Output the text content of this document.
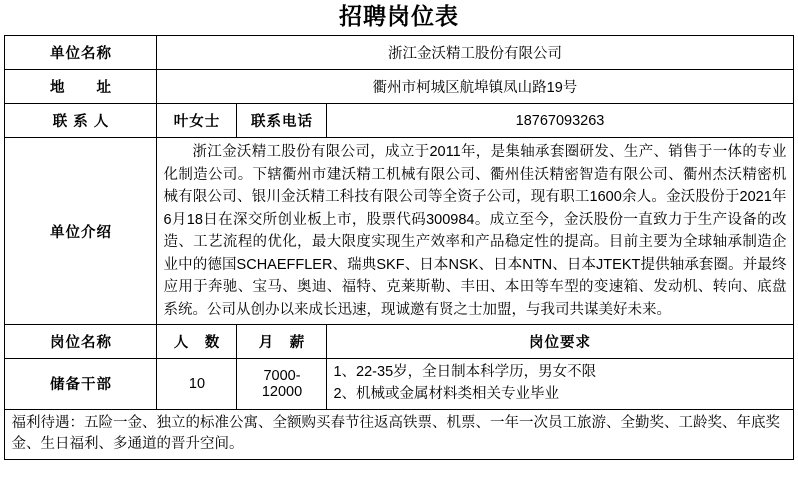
招聘岗位表
单位名称	浙江金沃精工股份有限公司		
地　　址	衢州市柯城区航埠镇凤山路19号		
联 系 人	叶女士	联系电话	18767093263
单位介绍	浙江金沃精工股份有限公司，成立于2011年，是集轴承套圈研发、生产、销售于一体的专业化制造公司。下辖衢州市建沃精工机械有限公司、衢州佳沃精密智造有限公司、衢州杰沃精密机械有限公司、银川金沃精工科技有限公司等全资子公司，现有职工1600余人。金沃股份于2021年6月18日在深交所创业板上市，股票代码300984。成立至今，金沃股份一直致力于生产设备的改造、工艺流程的优化，最大限度实现生产效率和产品稳定性的提高。目前主要为全球轴承制造企业中的德国SCHAEFFLER、瑞典SKF、日本NSK、日本NTN、日本JTEKT提供轴承套圈。并最终应用于奔驰、宝马、奥迪、福特、克莱斯勒、丰田、本田等车型的变速箱、发动机、转向、底盘系统。公司从创办以来成长迅速，现诚邀有贤之士加盟，与我司共谋美好未来。		
岗位名称	人　数	月　薪	岗位要求
储备干部	10	7000-12000	1、22-35岁，全日制本科学历，男女不限
2、机械或金属材料类相关专业毕业

福利待遇：五险一金、独立的标准公寓、全额购买春节往返高铁票、机票、一年一次员工旅游、全勤奖、工龄奖、年底奖金、生日福利、多通道的晋升空间。			
